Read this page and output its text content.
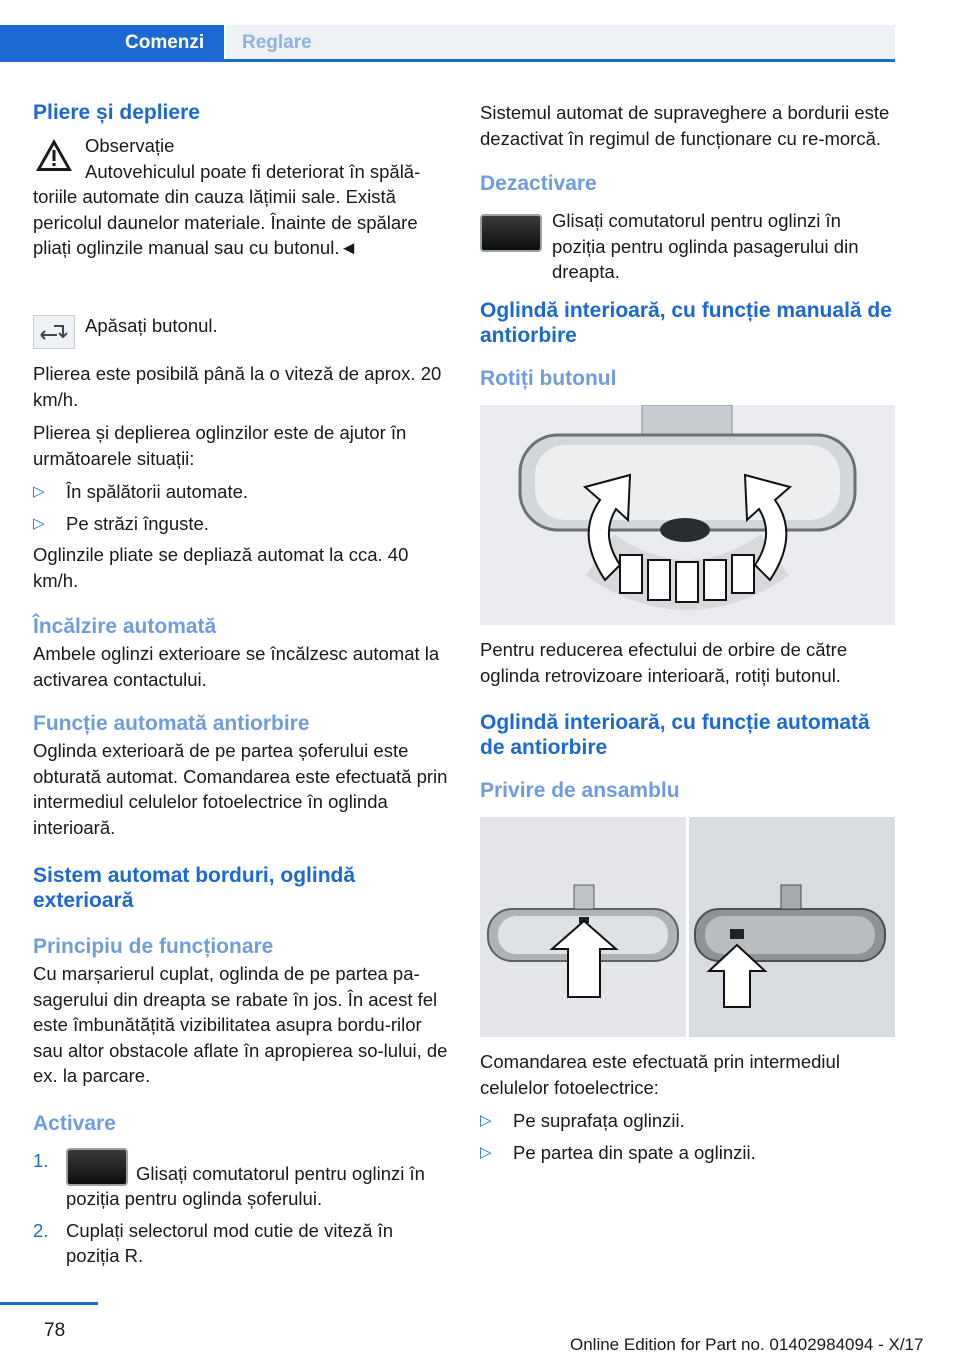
Comenzi Reglare
Pliere și depliere

Observație

Autovehiculul poate fi deteriorat în spălă-

toriile automate din cauza lățimii sale. Există pericolul daunelor materiale. Înainte de spălare pliați oglinzile manual sau cu butonul.◄

Apăsați butonul.

Plierea este posibilă până la o viteză de aprox. 20 km/h.

Plierea și deplierea oglinzilor este de ajutor în următoarele situații:

▷ În spălătorii automate.
▷ Pe străzi înguste.

Oglinzile pliate se depliază automat la cca. 40 km/h.

Încălzire automată

Ambele oglinzi exterioare se încălzesc automat la activarea contactului.

Funcție automată antiorbire

Oglinda exterioară de pe partea șoferului este obturată automat. Comandarea este efectuată prin intermediul celulelor fotoelectrice în oglinda interioară.

Sistem automat borduri, oglindă exterioară
Principiu de funcționare

Cu marșarierul cuplat, oglinda de pe partea pa-sagerului din dreapta se rabate în jos. În acest fel este îmbunătățită vizibilitatea asupra bordu-rilor sau altor obstacole aflate în apropierea so-lului, de ex. la parcare.

Activare
1.
Glisați comutatorul pentru oglinzi în poziția pentru oglinda șoferului.
2. Cuplați selectorul mod cutie de viteză în poziția R.

Sistemul automat de supraveghere a bordurii este dezactivat în regimul de funcționare cu re-morcă.

Dezactivare

Glisați comutatorul pentru oglinzi în poziția pentru oglinda pasagerului din dreapta.

Oglindă interioară, cu funcție manuală de antiorbire
Rotiți butonul

Pentru reducerea efectului de orbire de către oglinda retrovizoare interioară, rotiți butonul.

Oglindă interioară, cu funcție automată de antiorbire
Privire de ansamblu

Comandarea este efectuată prin intermediul celulelor fotoelectrice:

▷ Pe suprafața oglinzii.
▷ Pe partea din spate a oglinzii.
78
Online Edition for Part no. 01402984094 - X/17
